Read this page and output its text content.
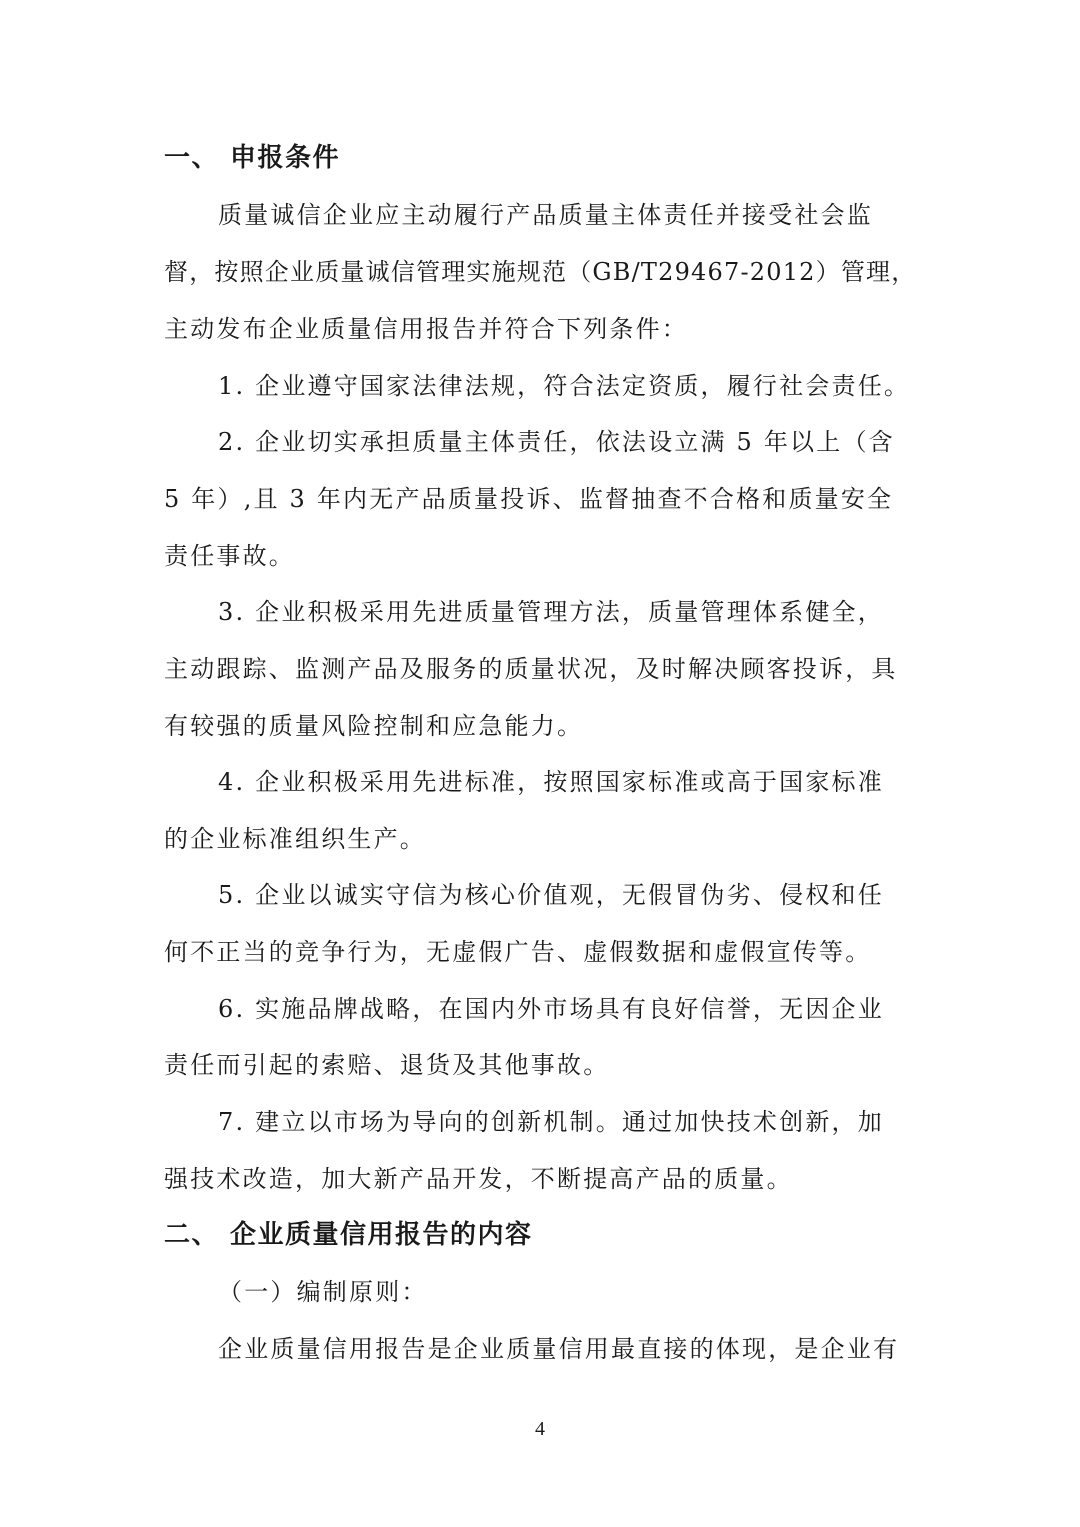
一、 申报条件
质量诚信企业应主动履行产品质量主体责任并接受社会监
督，按照企业质量诚信管理实施规范（GB/T29467-2012）管理，
主动发布企业质量信用报告并符合下列条件：
1. 企业遵守国家法律法规，符合法定资质，履行社会责任。
2. 企业切实承担质量主体责任，依法设立满 5 年以上（含
5 年）,且 3 年内无产品质量投诉、监督抽查不合格和质量安全
责任事故。
3. 企业积极采用先进质量管理方法，质量管理体系健全，
主动跟踪、监测产品及服务的质量状况，及时解决顾客投诉，具
有较强的质量风险控制和应急能力。
4. 企业积极采用先进标准，按照国家标准或高于国家标准
的企业标准组织生产。
5. 企业以诚实守信为核心价值观，无假冒伪劣、侵权和任
何不正当的竞争行为，无虚假广告、虚假数据和虚假宣传等。
6. 实施品牌战略，在国内外市场具有良好信誉，无因企业
责任而引起的索赔、退货及其他事故。
7. 建立以市场为导向的创新机制。通过加快技术创新，加
强技术改造，加大新产品开发，不断提高产品的质量。
二、 企业质量信用报告的内容
（一）编制原则：
企业质量信用报告是企业质量信用最直接的体现，是企业有
4
